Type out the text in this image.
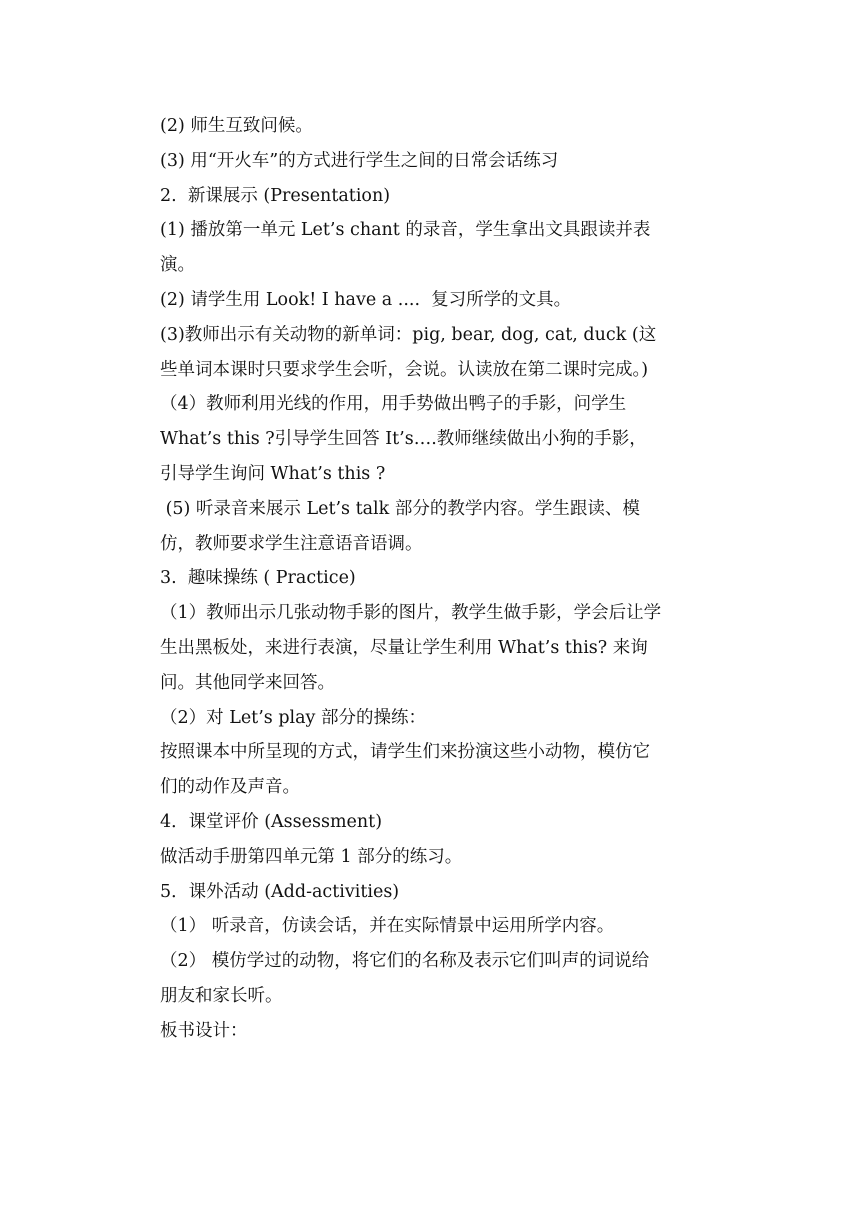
(2) 师生互致问候。
(3) 用“开火车”的方式进行学生之间的日常会话练习
2.  新课展示 (Presentation)
(1) 播放第一单元 Let’s chant 的录音，学生拿出文具跟读并表
演。
(2) 请学生用 Look! I have a ....  复习所学的文具。
(3)教师出示有关动物的新单词：pig, bear, dog, cat, duck (这
些单词本课时只要求学生会听，会说。认读放在第二课时完成。)
（4）教师利用光线的作用，用手势做出鸭子的手影，问学生
What’s this ?引导学生回答 It’s….教师继续做出小狗的手影，
引导学生询问 What’s this ?
(5) 听录音来展示 Let’s talk 部分的教学内容。学生跟读、模
仿，教师要求学生注意语音语调。
3.  趣味操练 ( Practice)
（1）教师出示几张动物手影的图片，教学生做手影，学会后让学
生出黑板处，来进行表演，尽量让学生利用 What’s this? 来询
问。其他同学来回答。
（2）对 Let’s play 部分的操练：
按照课本中所呈现的方式，请学生们来扮演这些小动物，模仿它
们的动作及声音。
4．课堂评价 (Assessment)
做活动手册第四单元第 1 部分的练习。
5．课外活动 (Add-activities)
（1） 听录音，仿读会话，并在实际情景中运用所学内容。
（2） 模仿学过的动物，将它们的名称及表示它们叫声的词说给
朋友和家长听。
板书设计：
